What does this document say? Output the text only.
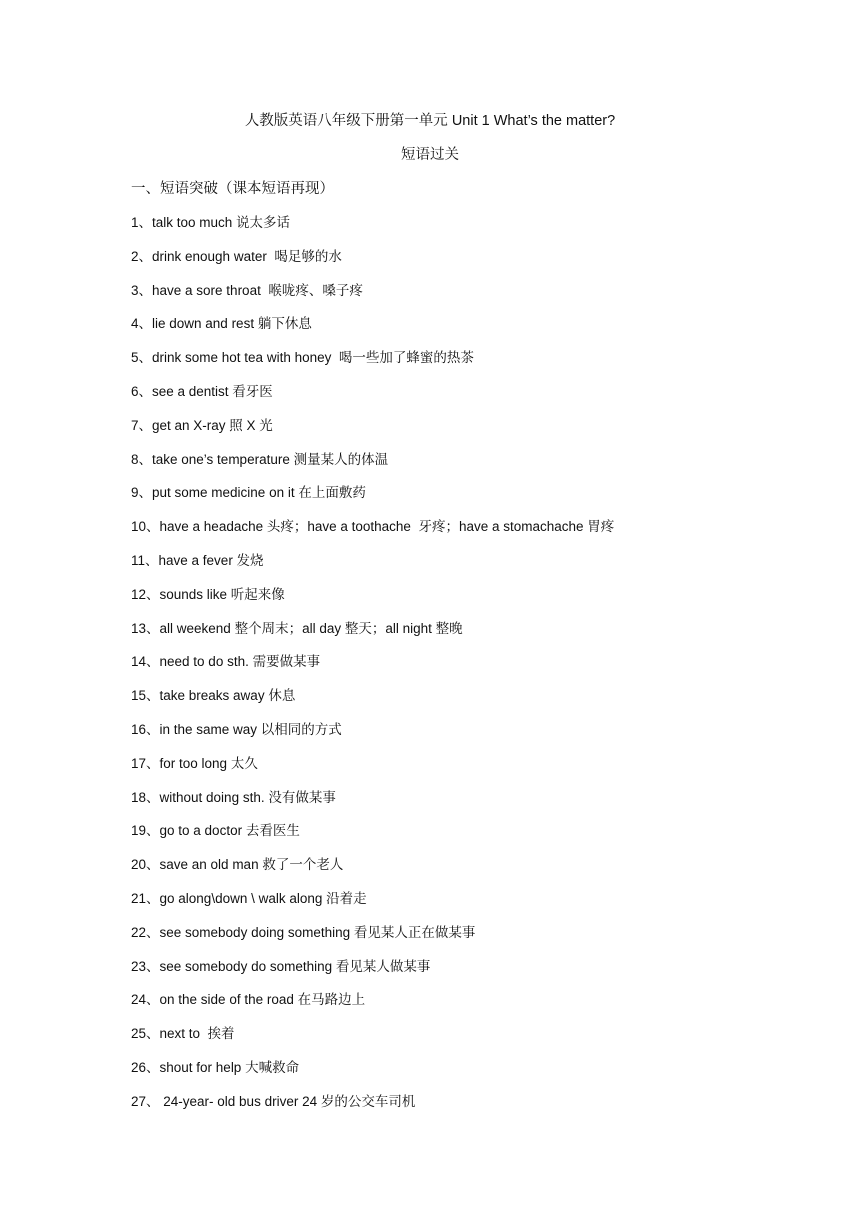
人教版英语八年级下册第一单元 Unit 1 What’s the matter?
短语过关
一、短语突破（课本短语再现）
1、talk too much 说太多话
2、drink enough water  喝足够的水
3、have a sore throat  喉咙疼、嗓子疼
4、lie down and rest 躺下休息
5、drink some hot tea with honey  喝一些加了蜂蜜的热茶
6、see a dentist 看牙医
7、get an X-ray 照 X 光
8、take one’s temperature 测量某人的体温
9、put some medicine on it 在上面敷药
10、have a headache 头疼；have a toothache  牙疼；have a stomachache 胃疼
11、have a fever 发烧
12、sounds like 听起来像
13、all weekend 整个周末；all day 整天；all night 整晚
14、need to do sth. 需要做某事
15、take breaks away 休息
16、in the same way 以相同的方式
17、for too long 太久
18、without doing sth. 没有做某事
19、go to a doctor 去看医生
20、save an old man 救了一个老人
21、go along\down \ walk along 沿着走
22、see somebody doing something 看见某人正在做某事
23、see somebody do something 看见某人做某事
24、on the side of the road 在马路边上
25、next to  挨着
26、shout for help 大喊救命
27、 24-year- old bus driver 24 岁的公交车司机
